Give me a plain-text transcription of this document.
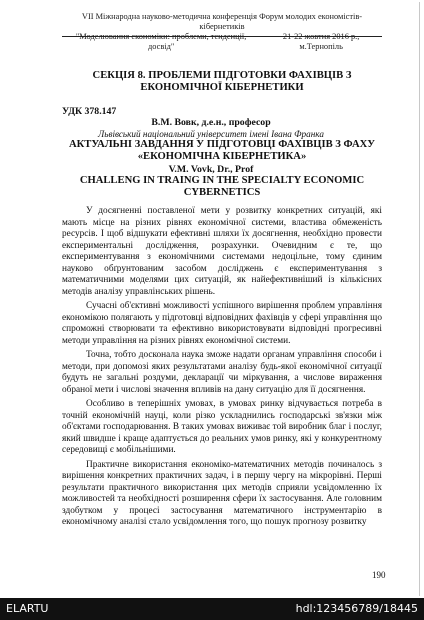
VII Міжнародна науково-методична конференція Форум молодих економістів-кібернетиків
"Моделювання економіки: проблеми, тенденції, досвід"
21-22 жовтня 2016 р., м.Тернопіль
СЕКЦІЯ 8. ПРОБЛЕМИ ПІДГОТОВКИ ФАХІВЦІВ З ЕКОНОМІЧНОЇ КІБЕРНЕТИКИ
УДК 378.147
В.М. Вовк, д.е.н., професор
Львівський національний університет імені Івана Франка
АКТУАЛЬНІ ЗАВДАННЯ У ПІДГОТОВЦІ ФАХІВЦІВ З ФАХУ «ЕКОНОМІЧНА КІБЕРНЕТИКА»
V.M. Vovk, Dr., Prof
CHALLENG IN TRAING IN THE SPECIALTY ECONOMIC CYBERNETICS

У досягненні поставленої мети у розвитку конкретних ситуацій, які мають місце на різних рівнях економічної системи, властива обмеженість ресурсів. І щоб відшукати ефективні шляхи їх досягнення, необхідно провести експериментальні дослідження, розрахунки. Очевидним є те, що експериментування з економічними системами недоцільне, тому єдиним науково обґрунтованим засобом досліджень є експериментування з математичними моделями цих ситуацій, як найефективніший із кількісних методів аналізу управлінських рішень.

Сучасні об'єктивні можливості успішного вирішення проблем управління економікою полягають у підготовці відповідних фахівців у сфері управління що спроможні створювати та ефективно використовувати відповідні прогресивні методи управління на різних рівнях економічної системи.

Точна, тобто досконала наука зможе надати органам управління способи і методи, при допомозі яких результатами аналізу будь-якої економічної ситуації будуть не загальні роздуми, декларації чи міркування, а числове вираження обраної мети і числові значення впливів на дану ситуацію для її досягнення.

Особливо в теперішніх умовах, в умовах ринку відчувається потреба в точній економічній науці, коли різко ускладнились господарські зв'язки між об'єктами господарювання. В таких умовах виживає той виробник благ і послуг, який швидше і краще адаптується до реальних умов ринку, які у конкурентному середовищі є мобільнішими.

Практичне використання економіко-математичних методів починалось з вирішення конкретних практичних задач, і в першу чергу на мікрорівні. Перші результати практичного використання цих методів сприяли усвідомленню їх можливостей та необхідності розширення сфери їх застосування. Але головним здобутком у процесі застосування математичного інструментарію в економічному аналізі стало усвідомлення того, що пошук прогнозу розвитку

190
ELARTU	hdl:123456789/18445
